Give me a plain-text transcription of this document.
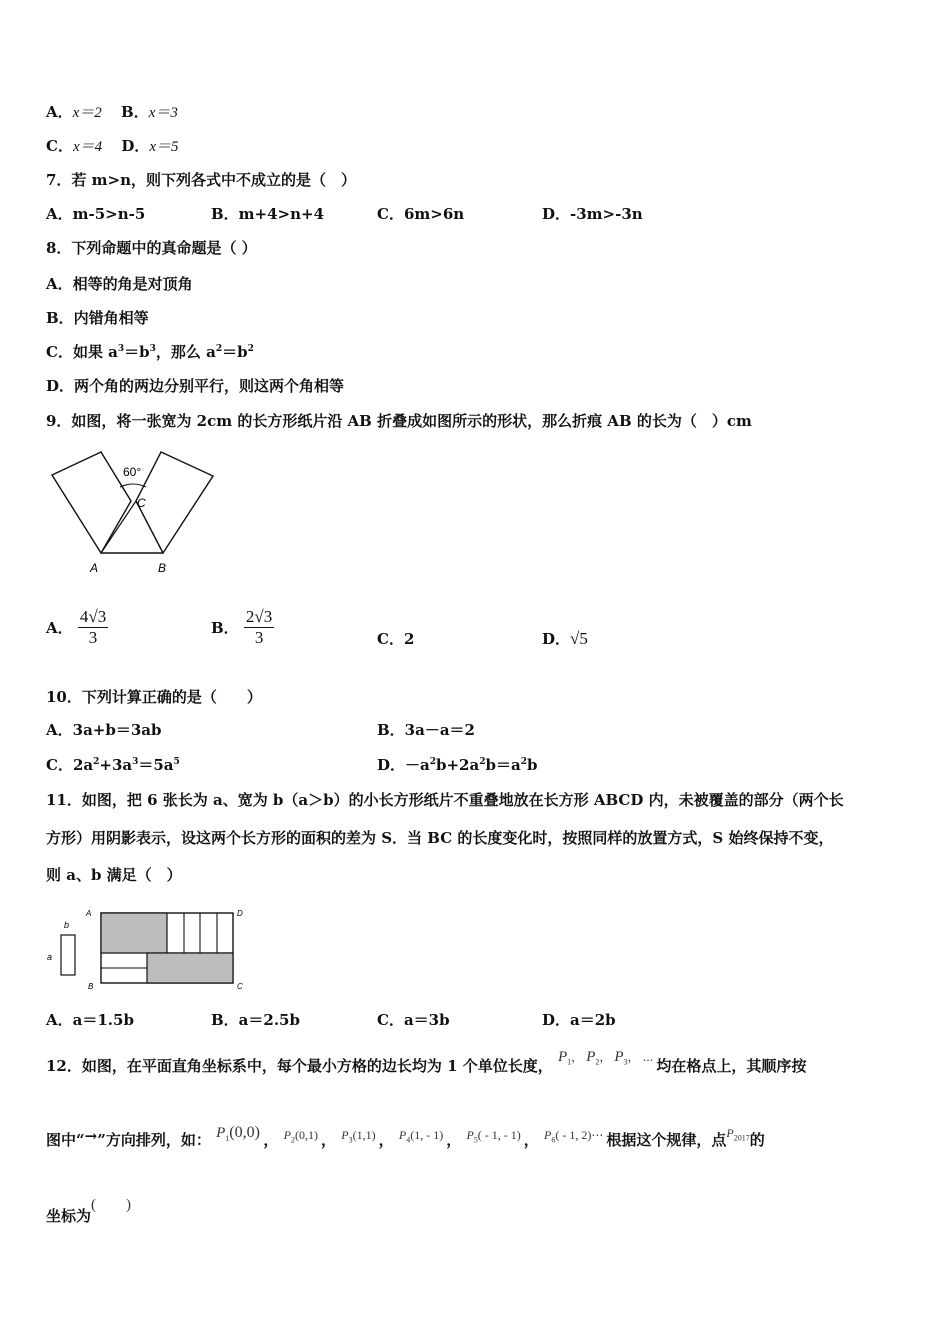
A．x＝2 B．x＝3
C．x＝4 D．x＝5
7．若 m>n，则下列各式中不成立的是（　）
A．m-5>n-5	B．m+4>n+4	C．6m>6n	D．-3m>-3n
8．下列命题中的真命题是（ ）
A．相等的角是对顶角
B．内错角相等
C．如果 $a^3=b^3$，那么 $a^2=b^2$
D．两个角的两边分别平行，则这两个角相等
9．如图，将一张宽为 2cm 的长方形纸片沿 AB 折叠成如图所示的形状，那么折痕 AB 的长为（　）cm
60°
C
A	B
A． $\frac{4√3}{3}$	B． $\frac{2√3}{3}$	C．2	D．√5
10．下列计算正确的是（　　）
A．3a+b＝3ab	B．3a－a＝2
C．$2a^2+3a^3=5a^5$	D．$-a^2b+2a^2b=a^2b$
11．如图，把 6 张长为 a、宽为 b（a＞b）的小长方形纸片不重叠地放在长方形 ABCD 内，未被覆盖的部分（两个长
方形）用阴影表示，设这两个长方形的面积的差为 S．当 BC 的长度变化时，按照同样的放置方式，S 始终保持不变，
则 a、b 满足（　）
b
a
A	D
B	C
A．a＝1.5b	B．a＝2.5b	C．a＝3b	D．a＝2b
12．如图，在平面直角坐标系中，每个最小方格的边长均为 1 个单位长度， $^{P_1, P_2, P_3, \cdots}$ 均在格点上，其顺序按
图中“→”方向排列，如： $P_1(0,0)$ ， $^{P_2(0,1)}$ ， $^{P_3(1,1)}$ ， $^{P_4(1, - 1)}$ ， $^{P_5( - 1, - 1)}$ ， $^{P_6( - 1, 2)\cdots}$ 根据这个规律，点$^{P_{2017}}$的
坐标为(　　)
